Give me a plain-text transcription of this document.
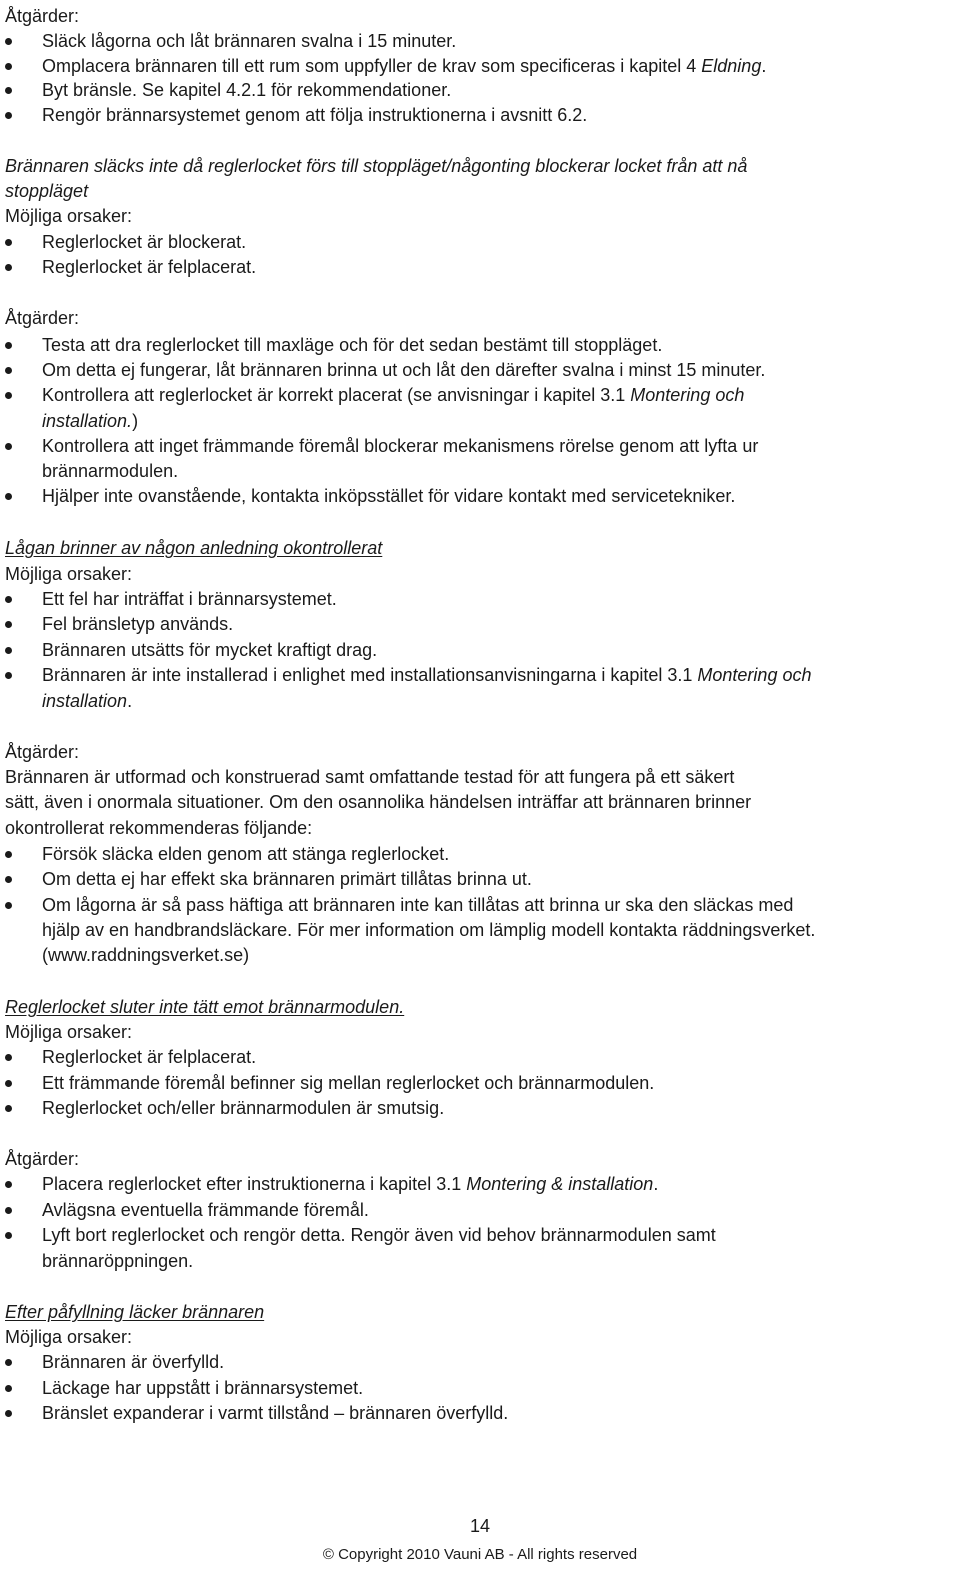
Åtgärder:
Släck lågorna och låt brännaren svalna i 15 minuter.
Omplacera brännaren till ett rum som uppfyller de krav som specificeras i kapitel 4 Eldning.
Byt bränsle. Se kapitel 4.2.1 för rekommendationer.
Rengör brännarsystemet genom att följa instruktionerna i avsnitt 6.2.
Brännaren släcks inte då reglerlocket förs till stoppläget/någonting blockerar locket från att nå
stoppläget
Möjliga orsaker:
Reglerlocket är blockerat.
Reglerlocket är felplacerat.
Åtgärder:
Testa att dra reglerlocket till maxläge och för det sedan bestämt till stoppläget.
Om detta ej fungerar, låt brännaren brinna ut och låt den därefter svalna i minst 15 minuter.
Kontrollera att reglerlocket är korrekt placerat (se anvisningar i kapitel 3.1 Montering och
installation.)
Kontrollera att inget främmande föremål blockerar mekanismens rörelse genom att lyfta ur
brännarmodulen.
Hjälper inte ovanstående, kontakta inköpsstället för vidare kontakt med servicetekniker.
Lågan brinner av någon anledning okontrollerat
Möjliga orsaker:
Ett fel har inträffat i brännarsystemet.
Fel bränsletyp används.
Brännaren utsätts för mycket kraftigt drag.
Brännaren är inte installerad i enlighet med installationsanvisningarna i kapitel 3.1 Montering och
installation.
Åtgärder:
Brännaren är utformad och konstruerad samt omfattande testad för att fungera på ett säkert
sätt, även i onormala situationer. Om den osannolika händelsen inträffar att brännaren brinner
okontrollerat rekommenderas följande:
Försök släcka elden genom att stänga reglerlocket.
Om detta ej har effekt ska brännaren primärt tillåtas brinna ut.
Om lågorna är så pass häftiga att brännaren inte kan tillåtas att brinna ur ska den släckas med
hjälp av en handbrandsläckare. För mer information om lämplig modell kontakta räddningsverket.
(www.raddningsverket.se)
Reglerlocket sluter inte tätt emot brännarmodulen.
Möjliga orsaker:
Reglerlocket är felplacerat.
Ett främmande föremål befinner sig mellan reglerlocket och brännarmodulen.
Reglerlocket och/eller brännarmodulen är smutsig.
Åtgärder:
Placera reglerlocket efter instruktionerna i kapitel 3.1 Montering & installation.
Avlägsna eventuella främmande föremål.
Lyft bort reglerlocket och rengör detta. Rengör även vid behov brännarmodulen samt
brännaröppningen.
Efter påfyllning läcker brännaren
Möjliga orsaker:
Brännaren är överfylld.
Läckage har uppstått i brännarsystemet.
Bränslet expanderar i varmt tillstånd – brännaren överfylld.
14
© Copyright 2010 Vauni AB - All rights reserved
